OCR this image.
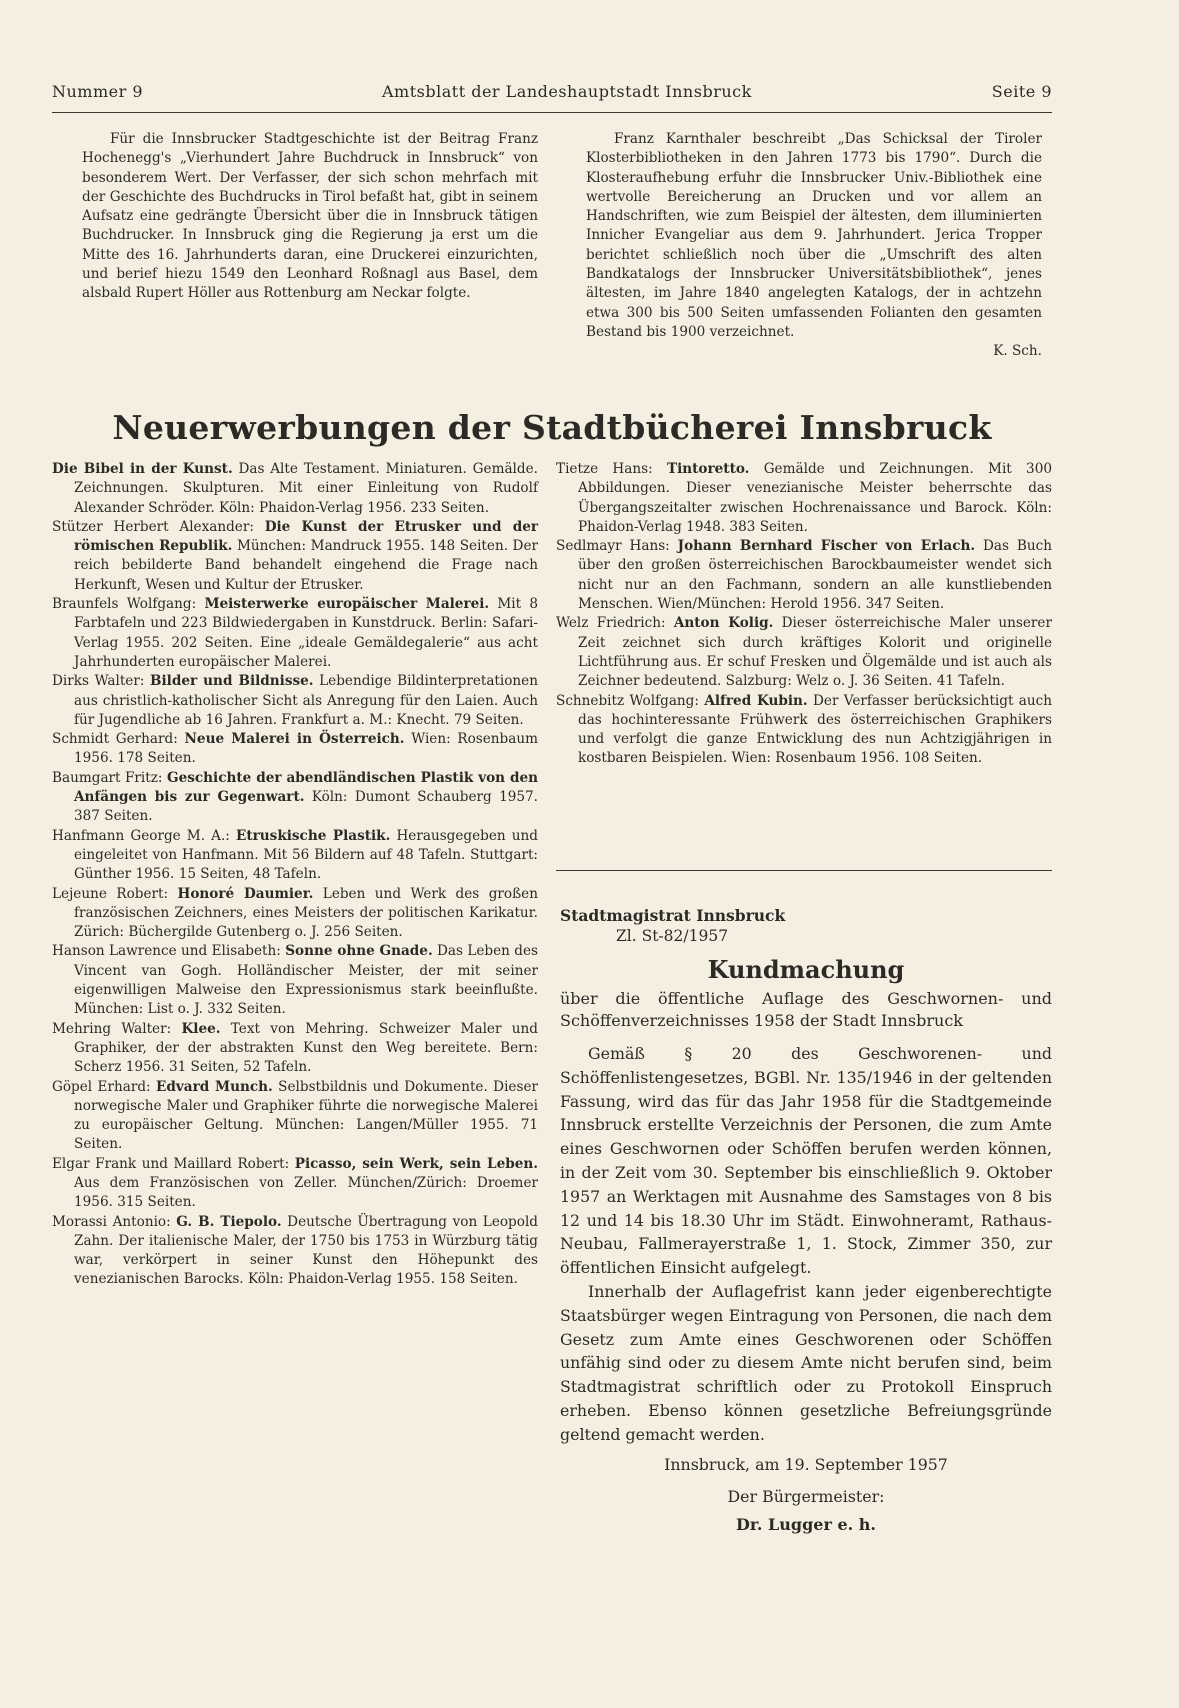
Nummer 9	Amtsblatt der Landeshauptstadt Innsbruck	Seite 9

Für die Innsbrucker Stadtgeschichte ist der Beitrag Franz Hochenegg's „Vierhundert Jahre Buchdruck in Innsbruck“ von besonderem Wert. Der Verfasser, der sich schon mehrfach mit der Geschichte des Buchdrucks in Tirol befaßt hat, gibt in seinem Aufsatz eine gedrängte Übersicht über die in Innsbruck tätigen Buchdrucker. In Innsbruck ging die Regierung ja erst um die Mitte des 16. Jahrhunderts daran, eine Druckerei einzurichten, und berief hiezu 1549 den Leonhard Roßnagl aus Basel, dem alsbald Rupert Höller aus Rottenburg am Neckar folgte.

Franz Karnthaler beschreibt „Das Schicksal der Tiroler Klosterbibliotheken in den Jahren 1773 bis 1790“. Durch die Klosteraufhebung erfuhr die Innsbrucker Univ.-Bibliothek eine wertvolle Bereicherung an Drucken und vor allem an Handschriften, wie zum Beispiel der ältesten, dem illuminierten Innicher Evangeliar aus dem 9. Jahrhundert. Jerica Tropper berichtet schließlich noch über die „Umschrift des alten Bandkatalogs der Innsbrucker Universitätsbibliothek“, jenes ältesten, im Jahre 1840 angelegten Katalogs, der in achtzehn etwa 300 bis 500 Seiten umfassenden Folianten den gesamten Bestand bis 1900 verzeichnet.

K. Sch.

Neuerwerbungen der Stadtbücherei Innsbruck

Die Bibel in der Kunst. Das Alte Testament. Miniaturen. Gemälde. Zeichnungen. Skulpturen. Mit einer Einleitung von Rudolf Alexander Schröder. Köln: Phaidon-Verlag 1956. 233 Seiten.

Stützer Herbert Alexander: Die Kunst der Etrusker und der römischen Republik. München: Mandruck 1955. 148 Seiten. Der reich bebilderte Band behandelt eingehend die Frage nach Herkunft, Wesen und Kultur der Etrusker.

Braunfels Wolfgang: Meisterwerke europäischer Malerei. Mit 8 Farbtafeln und 223 Bildwiedergaben in Kunstdruck. Berlin: Safari-Verlag 1955. 202 Seiten. Eine „ideale Gemäldegalerie“ aus acht Jahrhunderten europäischer Malerei.

Dirks Walter: Bilder und Bildnisse. Lebendige Bildinterpretationen aus christlich-katholischer Sicht als Anregung für den Laien. Auch für Jugendliche ab 16 Jahren. Frankfurt a. M.: Knecht. 79 Seiten.

Schmidt Gerhard: Neue Malerei in Österreich. Wien: Rosenbaum 1956. 178 Seiten.

Baumgart Fritz: Geschichte der abendländischen Plastik von den Anfängen bis zur Gegenwart. Köln: Dumont Schauberg 1957. 387 Seiten.

Hanfmann George M. A.: Etruskische Plastik. Herausgegeben und eingeleitet von Hanfmann. Mit 56 Bildern auf 48 Tafeln. Stuttgart: Günther 1956. 15 Seiten, 48 Tafeln.

Lejeune Robert: Honoré Daumier. Leben und Werk des großen französischen Zeichners, eines Meisters der politischen Karikatur. Zürich: Büchergilde Gutenberg o. J. 256 Seiten.

Hanson Lawrence und Elisabeth: Sonne ohne Gnade. Das Leben des Vincent van Gogh. Holländischer Meister, der mit seiner eigenwilligen Malweise den Expressionismus stark beeinflußte. München: List o. J. 332 Seiten.

Mehring Walter: Klee. Text von Mehring. Schweizer Maler und Graphiker, der der abstrakten Kunst den Weg bereitete. Bern: Scherz 1956. 31 Seiten, 52 Tafeln.

Göpel Erhard: Edvard Munch. Selbstbildnis und Dokumente. Dieser norwegische Maler und Graphiker führte die norwegische Malerei zu europäischer Geltung. München: Langen/Müller 1955. 71 Seiten.

Elgar Frank und Maillard Robert: Picasso, sein Werk, sein Leben. Aus dem Französischen von Zeller. München/Zürich: Droemer 1956. 315 Seiten.

Morassi Antonio: G. B. Tiepolo. Deutsche Übertragung von Leopold Zahn. Der italienische Maler, der 1750 bis 1753 in Würzburg tätig war, verkörpert in seiner Kunst den Höhepunkt des venezianischen Barocks. Köln: Phaidon-Verlag 1955. 158 Seiten.

Tietze Hans: Tintoretto. Gemälde und Zeichnungen. Mit 300 Abbildungen. Dieser venezianische Meister beherrschte das Übergangszeitalter zwischen Hochrenaissance und Barock. Köln: Phaidon-Verlag 1948. 383 Seiten.

Sedlmayr Hans: Johann Bernhard Fischer von Erlach. Das Buch über den großen österreichischen Barockbaumeister wendet sich nicht nur an den Fachmann, sondern an alle kunstliebenden Menschen. Wien/München: Herold 1956. 347 Seiten.

Welz Friedrich: Anton Kolig. Dieser österreichische Maler unserer Zeit zeichnet sich durch kräftiges Kolorit und originelle Lichtführung aus. Er schuf Fresken und Ölgemälde und ist auch als Zeichner bedeutend. Salzburg: Welz o. J. 36 Seiten. 41 Tafeln.

Schnebitz Wolfgang: Alfred Kubin. Der Verfasser berücksichtigt auch das hochinteressante Frühwerk des österreichischen Graphikers und verfolgt die ganze Entwicklung des nun Achtzigjährigen in kostbaren Beispielen. Wien: Rosenbaum 1956. 108 Seiten.

Stadtmagistrat Innsbruck
Zl. St-82/1957
Kundmachung
über die öffentliche Auflage des Geschwornen- und Schöffenverzeichnisses 1958 der Stadt Innsbruck

Gemäß § 20 des Geschworenen- und Schöffenlistengesetzes, BGBl. Nr. 135/1946 in der geltenden Fassung, wird das für das Jahr 1958 für die Stadtgemeinde Innsbruck erstellte Verzeichnis der Personen, die zum Amte eines Geschwornen oder Schöffen berufen werden können, in der Zeit vom 30. September bis einschließlich 9. Oktober 1957 an Werktagen mit Ausnahme des Samstages von 8 bis 12 und 14 bis 18.30 Uhr im Städt. Einwohneramt, Rathaus-Neubau, Fallmerayerstraße 1, 1. Stock, Zimmer 350, zur öffentlichen Einsicht aufgelegt.

Innerhalb der Auflagefrist kann jeder eigenberechtigte Staatsbürger wegen Eintragung von Personen, die nach dem Gesetz zum Amte eines Geschworenen oder Schöffen unfähig sind oder zu diesem Amte nicht berufen sind, beim Stadtmagistrat schriftlich oder zu Protokoll Einspruch erheben. Ebenso können gesetzliche Befreiungsgründe geltend gemacht werden.

Innsbruck, am 19. September 1957
Der Bürgermeister:
Dr. Lugger e. h.
